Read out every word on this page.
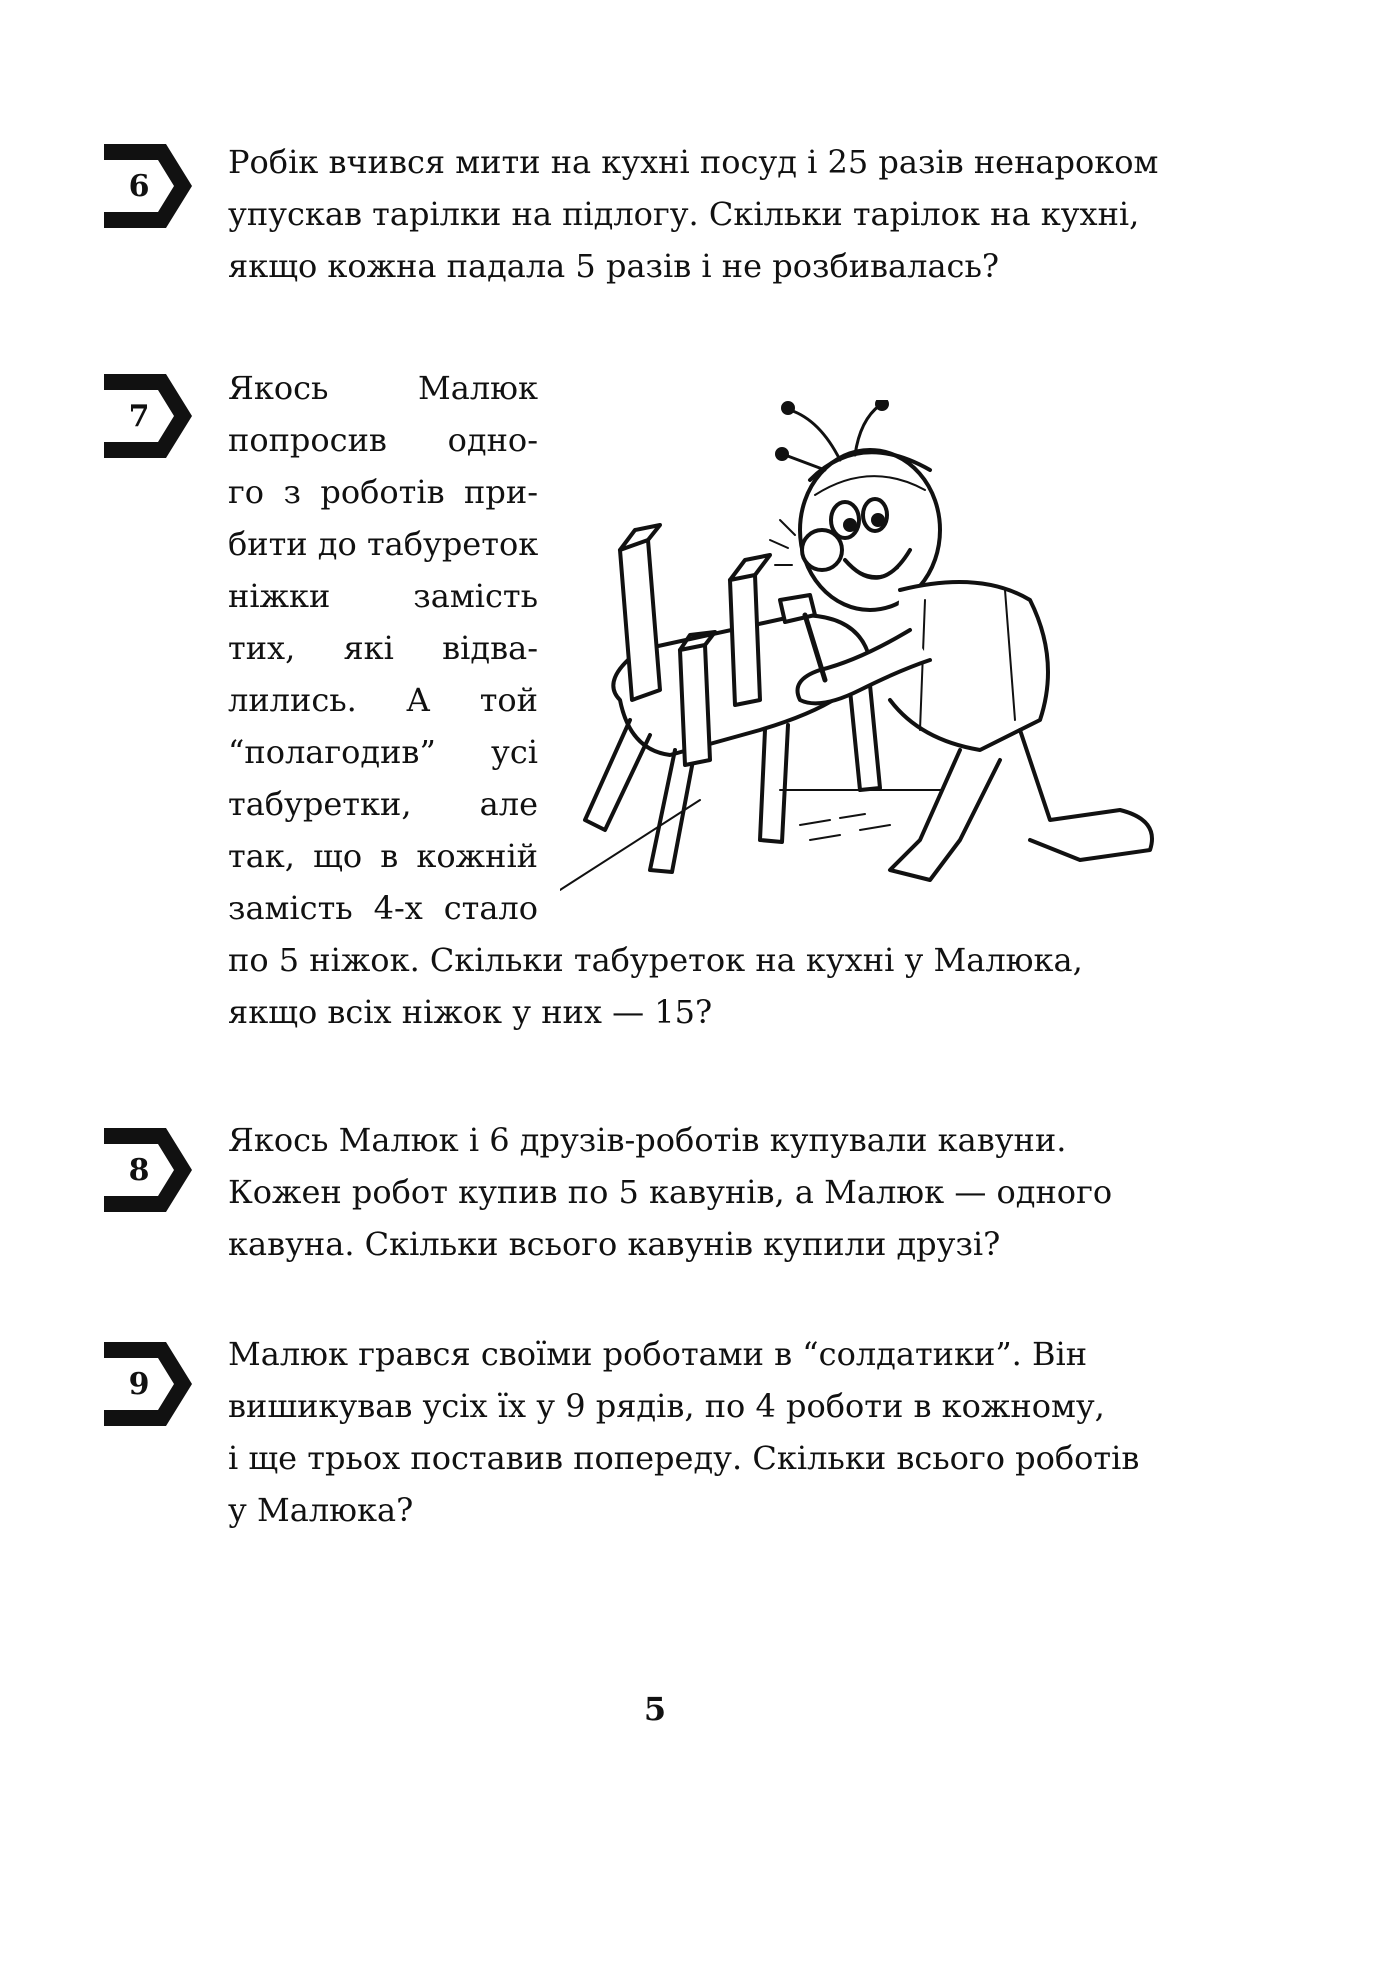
6

Робік вчився мити на кухні посуд і 25 разів ненароком
упускав тарілки на підлогу. Скільки тарілок на кухні,
якщо кожна падала 5 разів і не розбивалась?

7

Якось Малюк
попросив одно-
го з роботів при-
бити до табуреток
ніжки замість
тих, які відва-
лились. А той
“полагодив” усі
табуретки, але
так, що в кожній
замість 4-х стало

по 5 ніжок. Скільки табуреток на кухні у Малюка,
якщо всіх ніжок у них — 15?

8

Якось Малюк і 6 друзів-роботів купували кавуни.
Кожен робот купив по 5 кавунів, а Малюк — одного
кавуна. Скільки всього кавунів купили друзі?

9

Малюк грався своїми роботами в “солдатики”. Він
вишикував усіх їх у 9 рядів, по 4 роботи в кожному,
і ще трьох поставив попереду. Скільки всього роботів
у Малюка?

5
